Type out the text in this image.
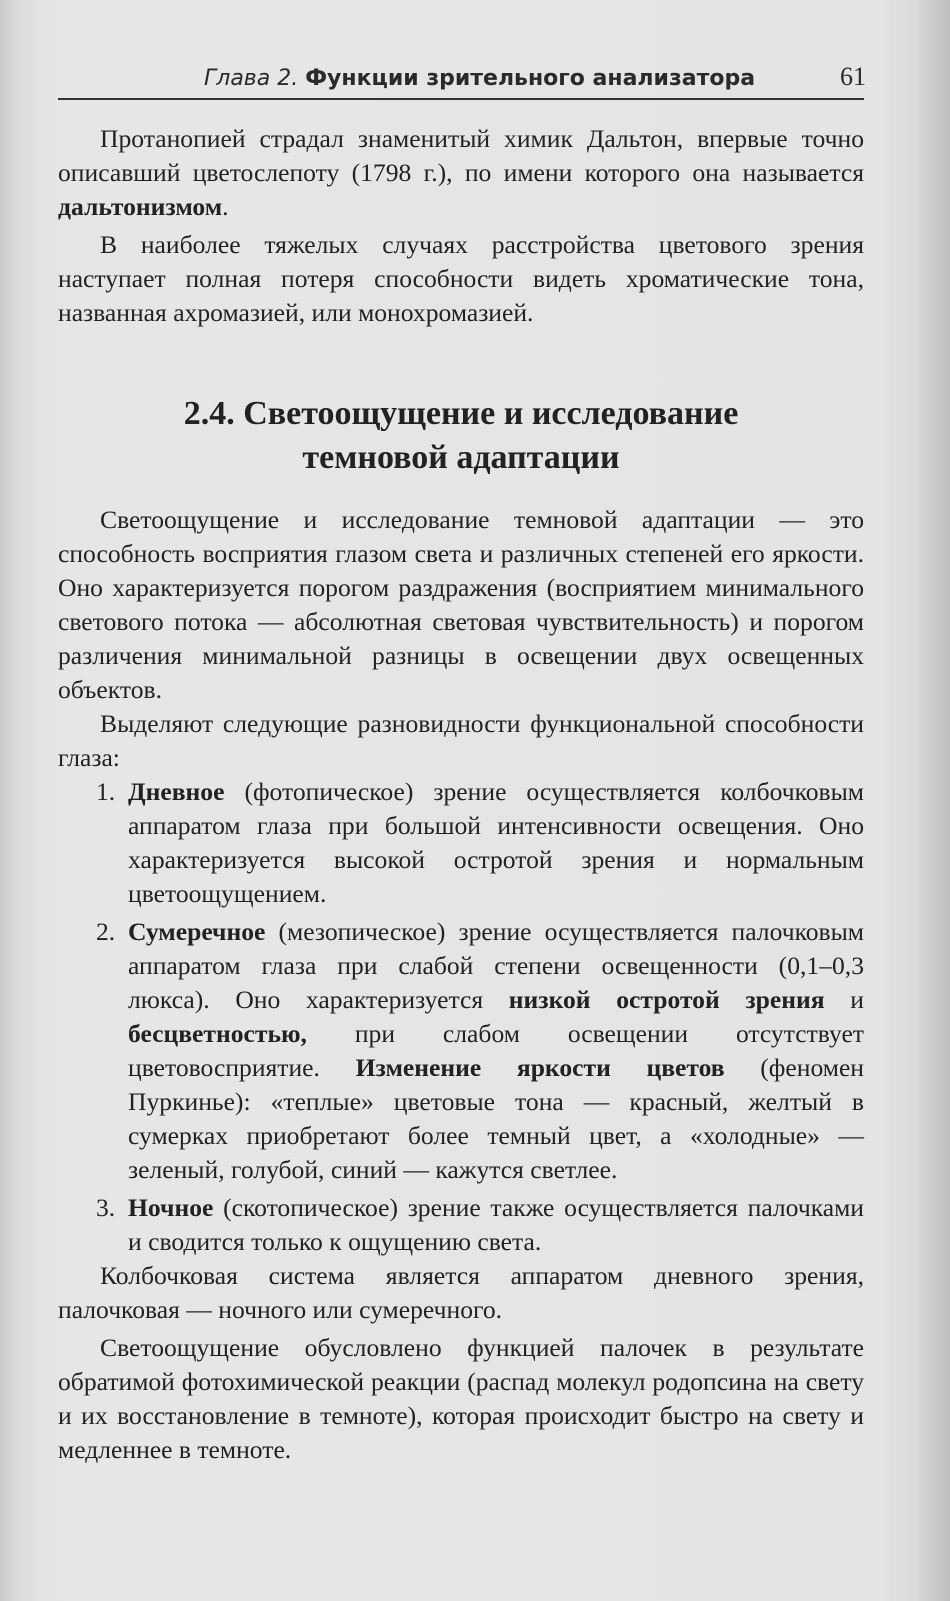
Глава 2. Функции зрительного анализатора	61

Протанопией страдал знаменитый химик Дальтон, впервые точно описавший цветослепоту (1798 г.), по имени которого она называется дальтонизмом.

В наиболее тяжелых случаях расстройства цветового зрения наступает полная потеря способности видеть хроматические тона, названная ахромазией, или монохромазией.

2.4. Светоощущение и исследование
темновой адаптации

Светоощущение и исследование темновой адаптации — это способность восприятия глазом света и различных степеней его яркости. Оно характеризуется порогом раздражения (восприятием минимального светового потока — абсолютная световая чувствительность) и порогом различения минимальной разницы в освещении двух освещенных объектов.

Выделяют следующие разновидности функциональной способности глаза:

1. Дневное (фотопическое) зрение осуществляется колбочковым аппаратом глаза при большой интенсивности освещения. Оно характеризуется высокой остротой зрения и нормальным цветоощущением.
2. Сумеречное (мезопическое) зрение осуществляется палочковым аппаратом глаза при слабой степени освещенности (0,1–0,3 люкса). Оно характеризуется низкой остротой зрения и бесцветностью, при слабом освещении отсутствует цветовосприятие. Изменение яркости цветов (феномен Пуркинье): «теплые» цветовые тона — красный, желтый в сумерках приобретают более темный цвет, а «холодные» — зеленый, голубой, синий — кажутся светлее.
3. Ночное (скотопическое) зрение также осуществляется палочками и сводится только к ощущению света.

Колбочковая система является аппаратом дневного зрения, палочковая — ночного или сумеречного.

Светоощущение обусловлено функцией палочек в результате обратимой фотохимической реакции (распад молекул родопсина на свету и их восстановление в темноте), которая происходит быстро на свету и медленнее в темноте.
